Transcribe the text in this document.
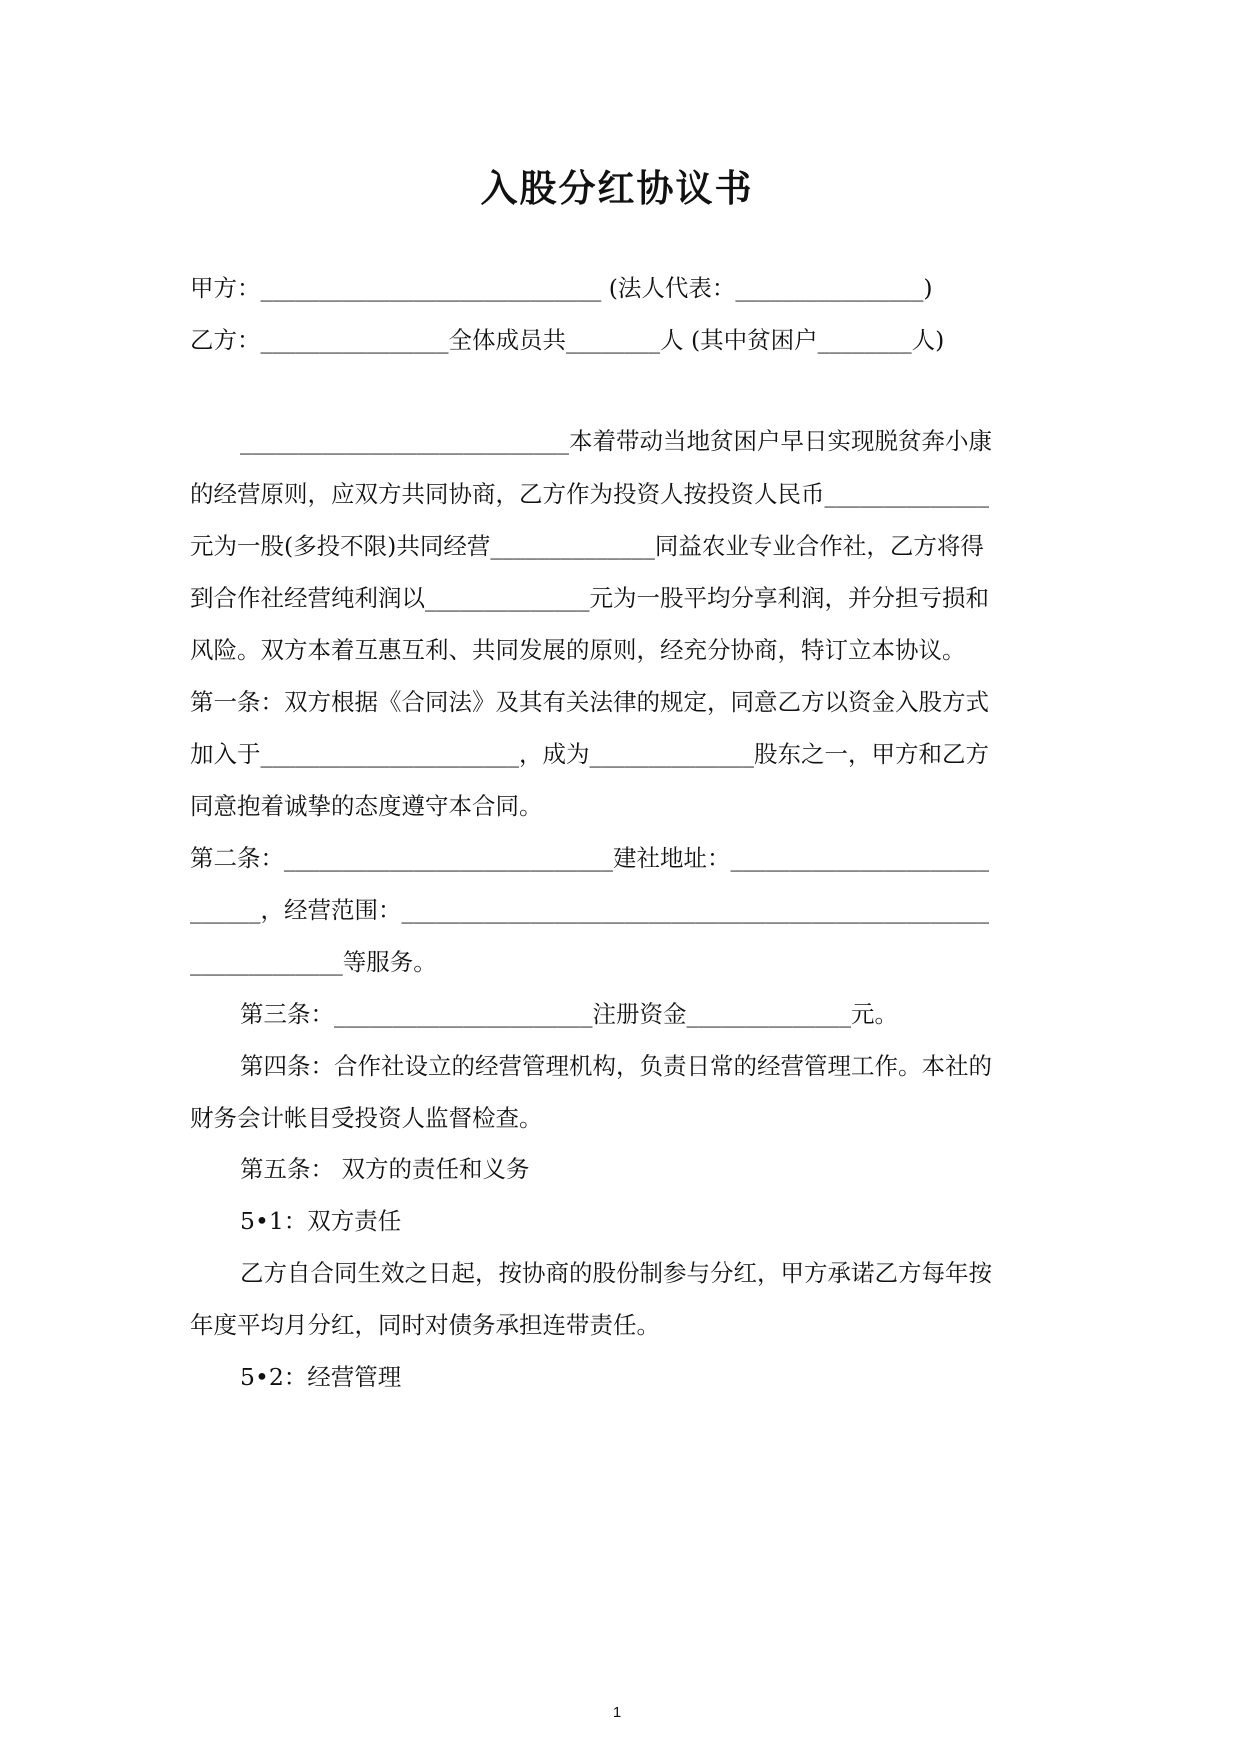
入股分红协议书
甲方：_____________________________ (法人代表：________________)
乙方：________________全体成员共________人 (其中贫困户________人)
____________________________本着带动当地贫困户早日实现脱贫奔小康
的经营原则，应双方共同协商，乙方作为投资人按投资人民币______________
元为一股(多投不限)共同经营______________同益农业专业合作社，乙方将得
到合作社经营纯利润以______________元为一股平均分享利润，并分担亏损和
风险。双方本着互惠互利、共同发展的原则，经充分协商，特订立本协议。
第一条：双方根据《合同法》及其有关法律的规定，同意乙方以资金入股方式
加入于______________________，成为______________股东之一，甲方和乙方
同意抱着诚挚的态度遵守本合同。
第二条：____________________________建社地址：______________________
______，经营范围：__________________________________________________
_____________等服务。
第三条：______________________注册资金______________元。
第四条：合作社设立的经营管理机构，负责日常的经营管理工作。本社的
财务会计帐目受投资人监督检查。
第五条： 双方的责任和义务
5•1：双方责任
乙方自合同生效之日起，按协商的股份制参与分红，甲方承诺乙方每年按
年度平均月分红，同时对债务承担连带责任。
5•2：经营管理
1
